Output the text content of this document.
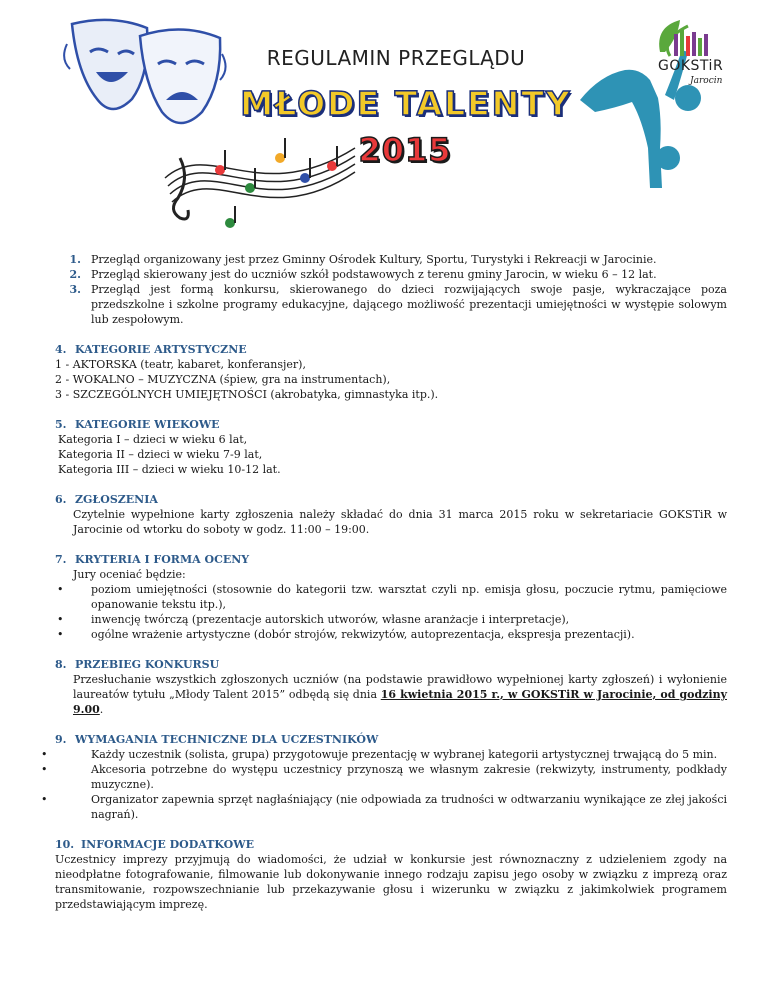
REGULAMIN PRZEGLĄDU
MŁODE TALENTY
2015
GOKSTiR
Jarocin
1. Przegląd organizowany jest przez Gminny Ośrodek Kultury, Sportu, Turystyki i Rekreacji w Jarocinie.
2. Przegląd skierowany jest do uczniów szkół podstawowych z terenu gminy Jarocin, w wieku 6 – 12 lat.
3. Przegląd jest formą konkursu, skierowanego do dzieci rozwijających swoje pasje, wykraczające poza przedszkolne i szkolne programy edukacyjne, dającego możliwość prezentacji umiejętności w występie solowym lub zespołowym.
4. KATEGORIE ARTYSTYCZNE
1 - AKTORSKA (teatr, kabaret, konferansjer),
2 - WOKALNO – MUZYCZNA (śpiew, gra na instrumentach),
3 - SZCZEGÓLNYCH UMIEJĘTNOŚCI (akrobatyka, gimnastyka itp.).
5. KATEGORIE WIEKOWE
Kategoria I – dzieci w wieku 6 lat,
Kategoria II – dzieci w wieku 7-9 lat,
Kategoria III – dzieci w wieku 10-12 lat.
6. ZGŁOSZENIA
Czytelnie wypełnione karty zgłoszenia należy składać do dnia 31 marca 2015 roku w sekretariacie GOKSTiR w Jarocinie od wtorku do soboty w godz. 11:00 – 19:00.
7. KRYTERIA I FORMA OCENY
Jury oceniać będzie:
•	poziom umiejętności (stosownie do kategorii tzw. warsztat czyli np. emisja głosu, poczucie rytmu, pamięciowe opanowanie tekstu itp.),
•	inwencję twórczą (prezentacje autorskich utworów, własne aranżacje i interpretacje),
•	ogólne wrażenie artystyczne (dobór strojów, rekwizytów, autoprezentacja, ekspresja prezentacji).
8. PRZEBIEG KONKURSU
Przesłuchanie wszystkich zgłoszonych uczniów (na podstawie prawidłowo wypełnionej karty zgłoszeń) i wyłonienie laureatów tytułu „Młody Talent 2015” odbędą się dnia 16 kwietnia 2015 r., w GOKSTiR w Jarocinie, od godziny 9.00.
9. WYMAGANIA TECHNICZNE DLA UCZESTNIKÓW
•	Każdy uczestnik (solista, grupa) przygotowuje prezentację w wybranej kategorii artystycznej trwającą do 5 min.
•	Akcesoria potrzebne do występu uczestnicy przynoszą we własnym zakresie (rekwizyty, instrumenty, podkłady muzyczne).
•	Organizator zapewnia sprzęt nagłaśniający (nie odpowiada za trudności w odtwarzaniu wynikające ze złej jakości nagrań).
10. INFORMACJE DODATKOWE
Uczestnicy imprezy przyjmują do wiadomości, że udział w konkursie jest równoznaczny z udzieleniem zgody na nieodpłatne fotografowanie, filmowanie lub dokonywanie innego rodzaju zapisu jego osoby w związku z imprezą oraz transmitowanie, rozpowszechnianie lub przekazywanie głosu i wizerunku w związku z jakimkolwiek programem przedstawiającym imprezę.
